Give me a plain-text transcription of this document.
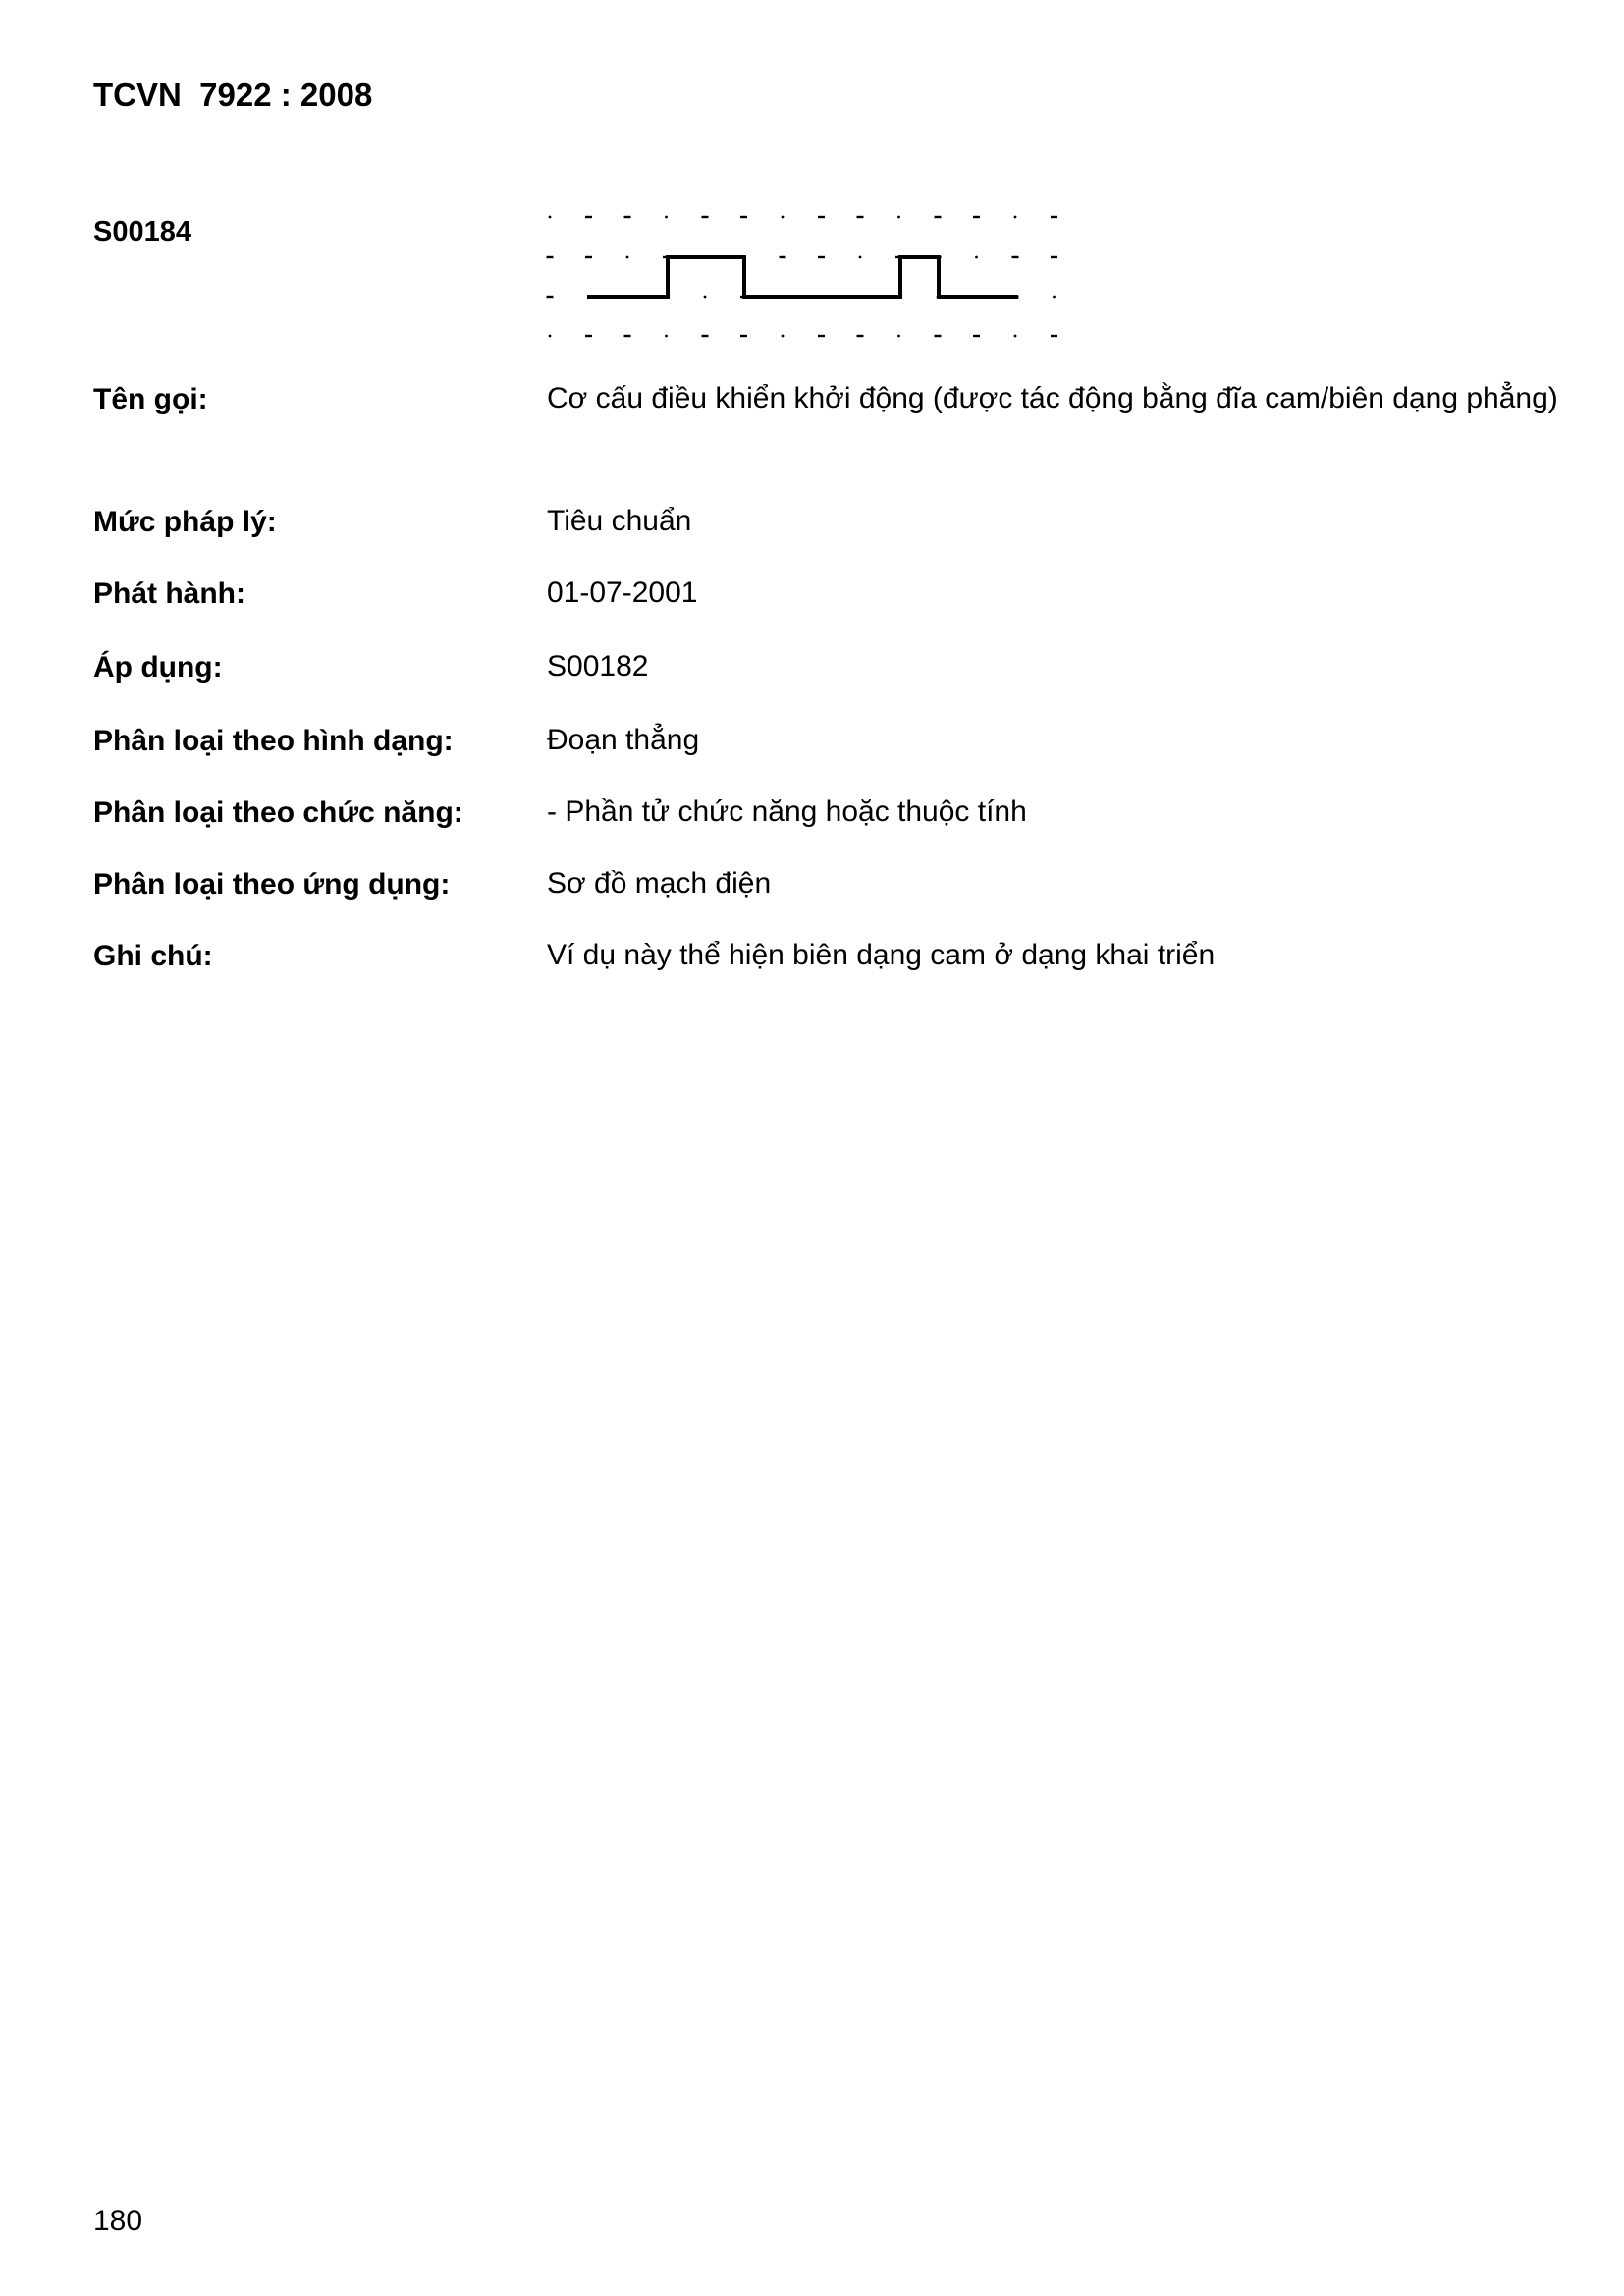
TCVN  7922 : 2008
S00184
Tên gọi:	Cơ cấu điều khiển khởi động (được tác động bằng đĩa cam/biên dạng phẳng)
Mức pháp lý:	Tiêu chuẩn
Phát hành:	01-07-2001
Áp dụng:	S00182
Phân loại theo hình dạng:	Đoạn thẳng
Phân loại theo chức năng:	- Phần tử chức năng hoặc thuộc tính
Phân loại theo ứng dụng:	Sơ đồ mạch điện
Ghi chú:	Ví dụ này thể hiện biên dạng cam ở dạng khai triển
180
